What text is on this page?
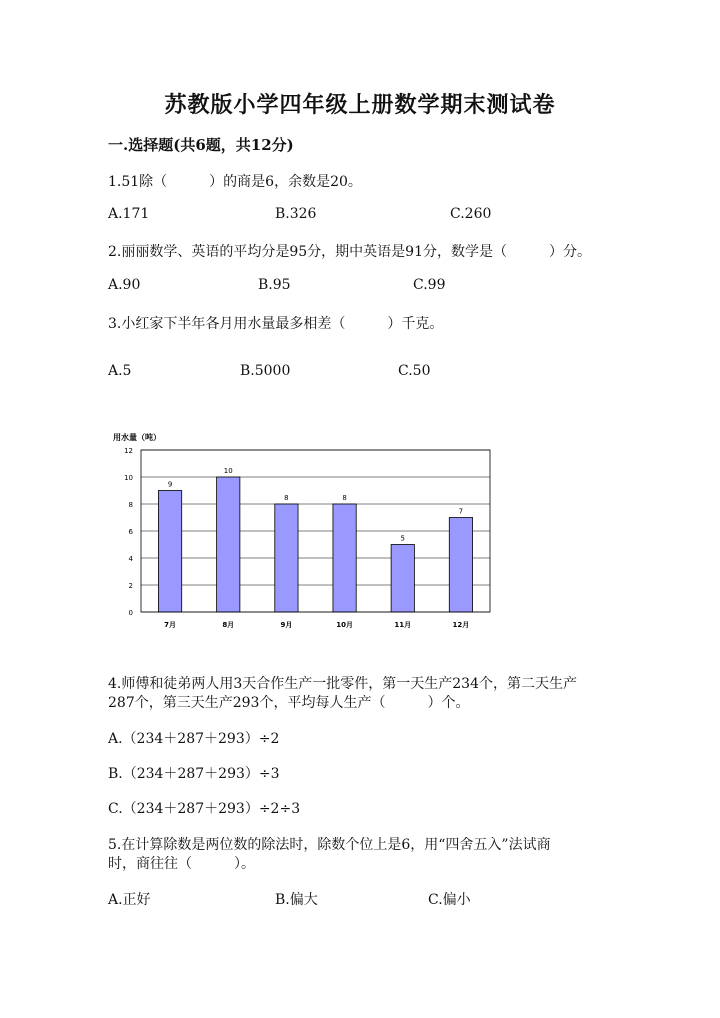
苏教版小学四年级上册数学期末测试卷
一.选择题(共6题，共12分)
1.51除（　　　）的商是6，余数是20。
A.171	B.326	C.260
2.丽丽数学、英语的平均分是95分，期中英语是91分，数学是（　　　）分。
A.90	B.95	C.99
3.小红家下半年各月用水量最多相差（　　　）千克。
A.5	B.5000	C.50
用水量（吨）
0
2
4
6
8
10
12
9
10
8	8
5
7
7月	8月	9月	10月	11月	12月
4.师傅和徒弟两人用3天合作生产一批零件，第一天生产234个，第二天生产
287个，第三天生产293个，平均每人生产（　　　）个。
A.（234＋287＋293）÷2
B.（234＋287＋293）÷3
C.（234＋287＋293）÷2÷3
5.在计算除数是两位数的除法时，除数个位上是6，用“四舍五入”法试商
时，商往往（　　　）。
A.正好	B.偏大	C.偏小
